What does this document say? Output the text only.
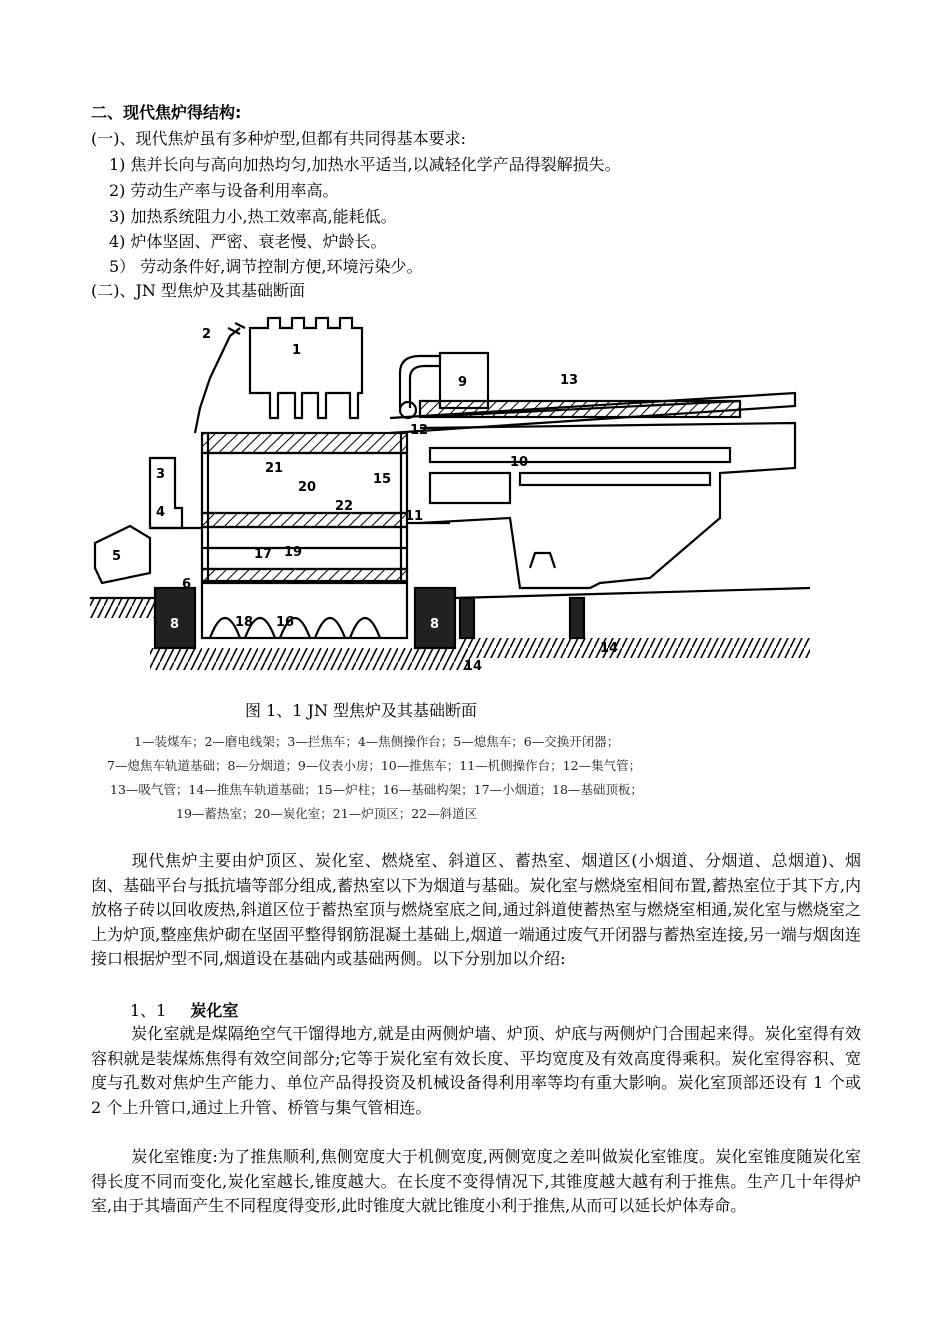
二、现代焦炉得结构:
(一)、现代焦炉虽有多种炉型,但都有共同得基本要求:
1) 焦并长向与高向加热均匀,加热水平适当,以减轻化学产品得裂解损失。
2) 劳动生产率与设备利用率高。
3) 加热系统阻力小,热工效率高,能耗低。
4) 炉体坚固、严密、衰老慢、炉龄长。
5） 劳动条件好,调节控制方便,环境污染少。
(二)、JN 型焦炉及其基础断面
1
2
3
4
5
6
8	8
9
10
11
12
13
14
14
15
16
17
18
19
20
21
22
图 1、1 JN 型焦炉及其基础断面
1—装煤车；2—磨电线架；3—拦焦车；4—焦侧操作台；5—熄焦车；6—交换开闭器；
7—熄焦车轨道基础；8—分烟道；9—仪表小房；10—推焦车；11—机侧操作台；12—集气管；
13—吸气管；14—推焦车轨道基础；15—炉柱；16—基础构架；17—小烟道；18—基础顶板；
19—蓄热室；20—炭化室；21—炉顶区；22—斜道区
现代焦炉主要由炉顶区、炭化室、燃烧室、斜道区、蓄热室、烟道区(小烟道、分烟道、总烟道)、烟囱、基础平台与抵抗墙等部分组成,蓄热室以下为烟道与基础。炭化室与燃烧室相间布置,蓄热室位于其下方,内放格子砖以回收废热,斜道区位于蓄热室顶与燃烧室底之间,通过斜道使蓄热室与燃烧室相通,炭化室与燃烧室之上为炉顶,整座焦炉砌在坚固平整得钢筋混凝土基础上,烟道一端通过废气开闭器与蓄热室连接,另一端与烟囱连接口根据炉型不同,烟道设在基础内或基础两侧。以下分别加以介绍:
1、1 炭化室
炭化室就是煤隔绝空气干馏得地方,就是由两侧炉墙、炉顶、炉底与两侧炉门合围起来得。炭化室得有效容积就是装煤炼焦得有效空间部分;它等于炭化室有效长度、平均宽度及有效高度得乘积。炭化室得容积、宽度与孔数对焦炉生产能力、单位产品得投资及机械设备得利用率等均有重大影响。炭化室顶部还设有 1 个或 2 个上升管口,通过上升管、桥管与集气管相连。
炭化室锥度:为了推焦顺利,焦侧宽度大于机侧宽度,两侧宽度之差叫做炭化室锥度。炭化室锥度随炭化室得长度不同而变化,炭化室越长,锥度越大。在长度不变得情况下,其锥度越大越有利于推焦。生产几十年得炉室,由于其墙面产生不同程度得变形,此时锥度大就比锥度小利于推焦,从而可以延长炉体寿命。
